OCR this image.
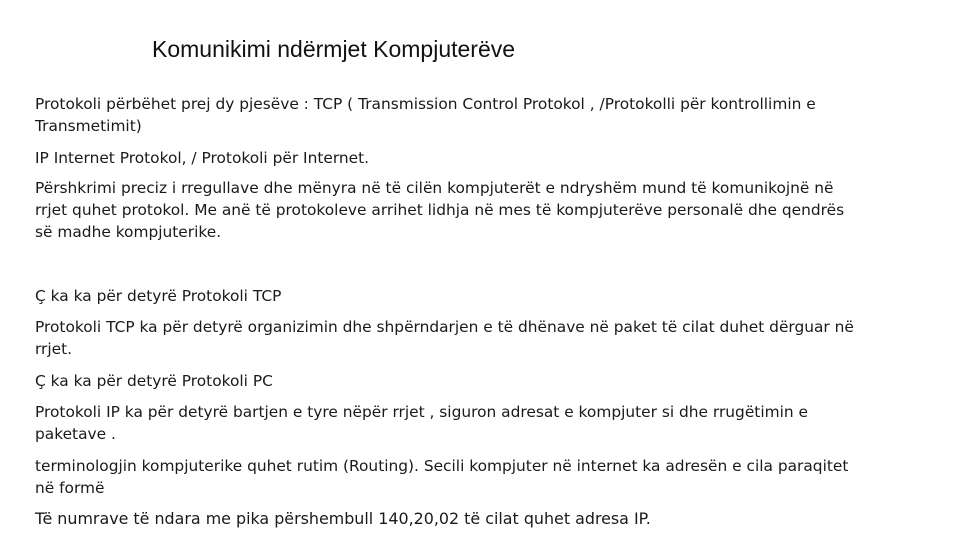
Komunikimi ndërmjet Kompjuterëve

Protokoli përbëhet prej dy pjesëve : TCP ( Transmission Control Protokol , /Protokolli për kontrollimin e Transmetimit)

IP Internet Protokol, / Protokoli për Internet.

Përshkrimi preciz i rregullave dhe mënyra në të cilën kompjuterët e ndryshëm mund të komunikojnë në rrjet quhet protokol. Me anë të protokoleve arrihet lidhja në mes të kompjuterëve personalë dhe qendrës së madhe kompjuterike.

Ç ka ka për detyrë Protokoli TCP

Protokoli TCP ka për detyrë organizimin dhe shpërndarjen e të dhënave në paket të cilat duhet dërguar në rrjet.

Ç ka ka për detyrë Protokoli PC

Protokoli IP ka për detyrë bartjen e tyre nëpër rrjet , siguron adresat e kompjuter si dhe rrugëtimin e paketave .

terminologjin kompjuterike quhet rutim (Routing). Secili kompjuter në internet ka adresën e cila paraqitet në formë

Të numrave të ndara me pika përshembull 140,20,02 të cilat quhet adresa IP.
